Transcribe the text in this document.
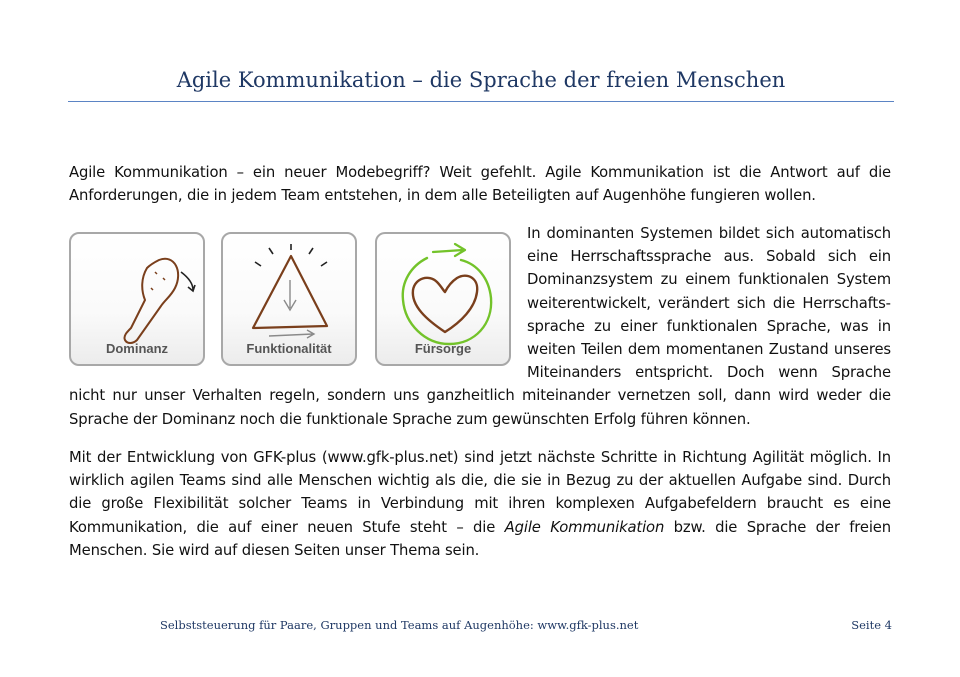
Agile Kommunikation – die Sprache der freien Menschen

Agile Kommunikation – ein neuer Modebegriff? Weit gefehlt. Agile Kommunikation ist die Antwort auf die Anforderungen, die in jedem Team entstehen, in dem alle Beteiligten auf Augenhöhe fungieren wollen.

Dominanz	Funktionalität	Fürsorge

In dominanten Systemen bildet sich automatisch eine Herrschaftssprache aus. Sobald sich ein Dominanzsystem zu einem funktionalen System weiterentwickelt, verändert sich die Herrschaftssprache zu einer funktionalen Sprache, was in weiten Teilen dem momentanen Zustand unseres Miteinanders entspricht. Doch wenn Sprache nicht nur unser Verhalten regeln, sondern uns ganzheitlich miteinander vernetzen soll, dann wird weder die Sprache der Dominanz noch die funktionale Sprache zum gewünschten Erfolg führen können.

Mit der Entwicklung von GFK-plus (www.gfk-plus.net) sind jetzt nächste Schritte in Richtung Agilität möglich. In wirklich agilen Teams sind alle Menschen wichtig als die, die sie in Bezug zu der aktuellen Aufgabe sind. Durch die große Flexibilität solcher Teams in Verbindung mit ihren komplexen Aufgabefeldern braucht es eine Kommunikation, die auf einer neuen Stufe steht – die Agile Kommunikation bzw. die Sprache der freien Menschen. Sie wird auf diesen Seiten unser Thema sein.

Selbststeuerung für Paare, Gruppen und Teams auf Augenhöhe: www.gfk-plus.net	Seite 4
